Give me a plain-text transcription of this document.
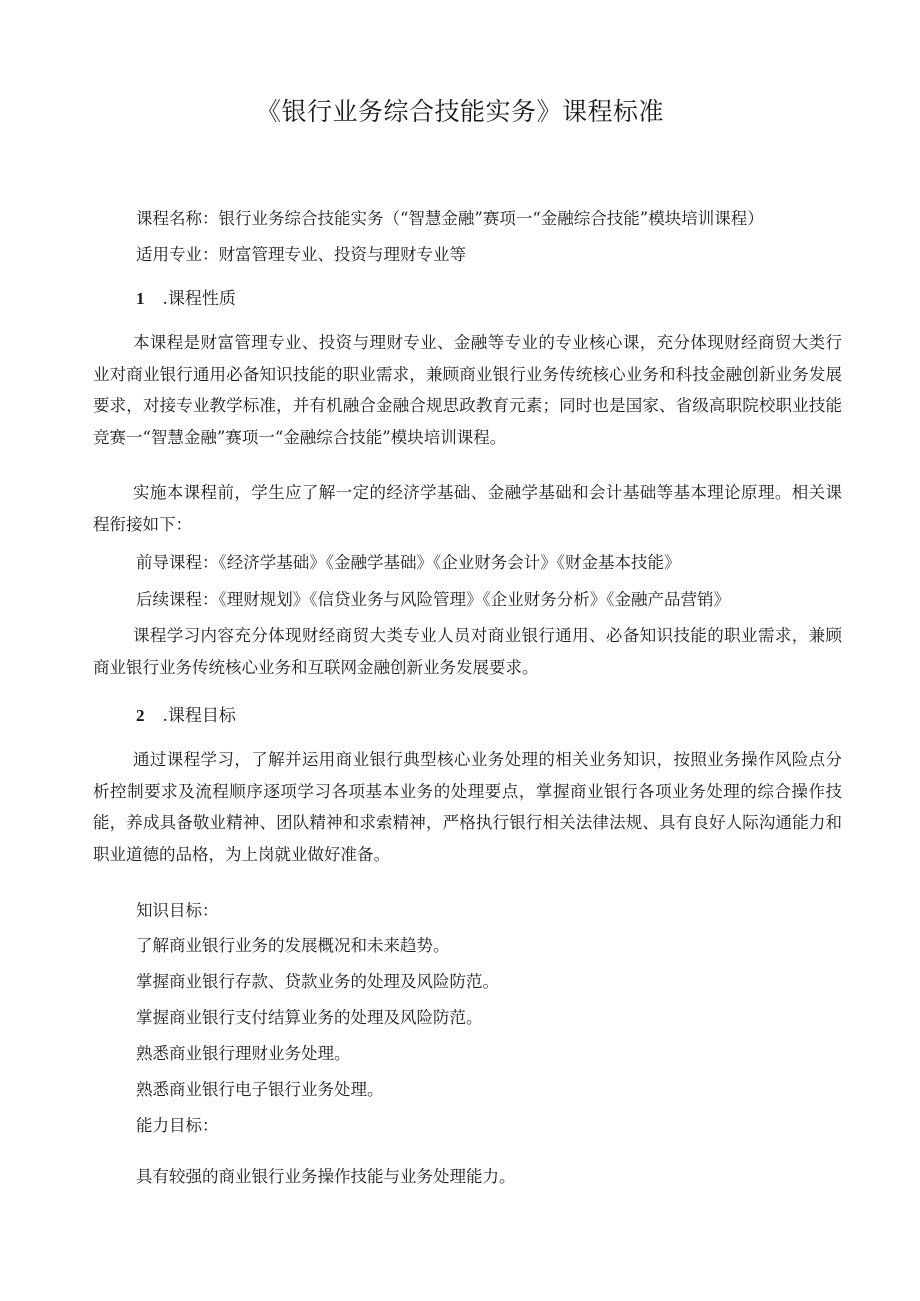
《银行业务综合技能实务》课程标准
课程名称：银行业务综合技能实务（“智慧金融”赛项一“金融综合技能”模块培训课程）
适用专业：财富管理专业、投资与理财专业等
1 .课程性质
本课程是财富管理专业、投资与理财专业、金融等专业的专业核心课，充分体现财经商贸大类行业对商业银行通用必备知识技能的职业需求，兼顾商业银行业务传统核心业务和科技金融创新业务发展要求，对接专业教学标准，并有机融合金融合规思政教育元素；同时也是国家、省级高职院校职业技能竞赛一“智慧金融”赛项一“金融综合技能”模块培训课程。
实施本课程前，学生应了解一定的经济学基础、金融学基础和会计基础等基本理论原理。相关课程衔接如下：
前导课程：《经济学基础》《金融学基础》《企业财务会计》《财金基本技能》
后续课程：《理财规划》《信贷业务与风险管理》《企业财务分析》《金融产品营销》
课程学习内容充分体现财经商贸大类专业人员对商业银行通用、必备知识技能的职业需求，兼顾商业银行业务传统核心业务和互联网金融创新业务发展要求。
2 .课程目标
通过课程学习，了解并运用商业银行典型核心业务处理的相关业务知识，按照业务操作风险点分析控制要求及流程顺序逐项学习各项基本业务的处理要点，掌握商业银行各项业务处理的综合操作技能，养成具备敬业精神、团队精神和求索精神，严格执行银行相关法律法规、具有良好人际沟通能力和职业道德的品格，为上岗就业做好准备。
知识目标：
了解商业银行业务的发展概况和未来趋势。
掌握商业银行存款、贷款业务的处理及风险防范。
掌握商业银行支付结算业务的处理及风险防范。
熟悉商业银行理财业务处理。
熟悉商业银行电子银行业务处理。
能力目标：
具有较强的商业银行业务操作技能与业务处理能力。
